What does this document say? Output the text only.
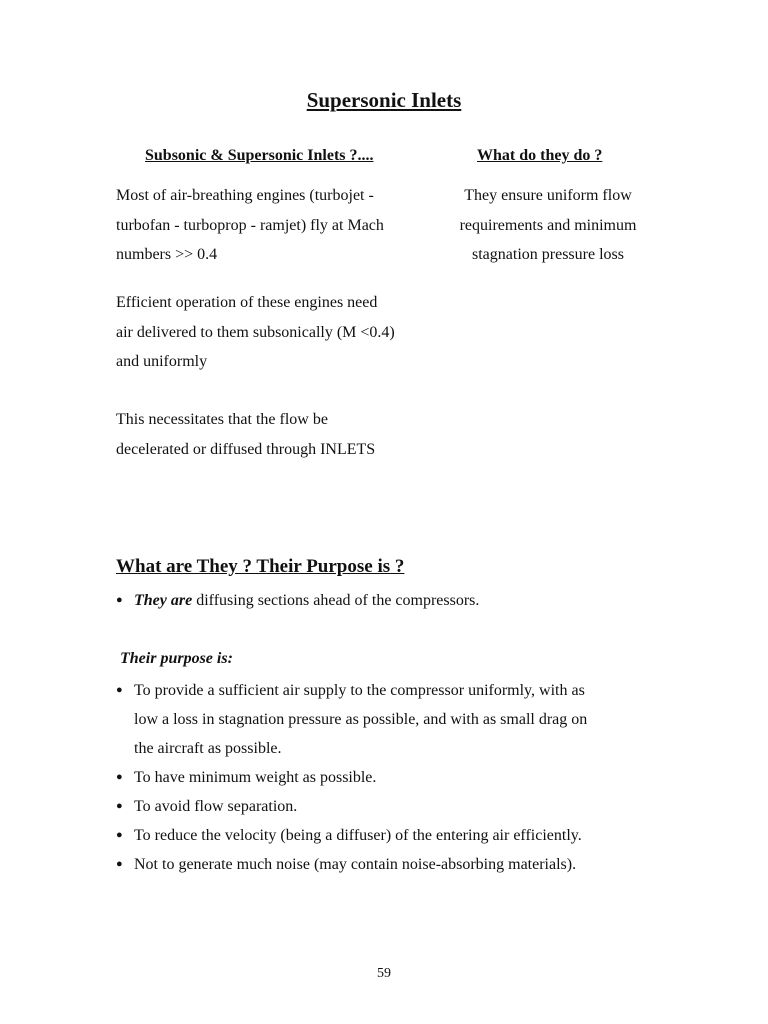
Supersonic Inlets
Subsonic & Supersonic Inlets ?....
Most of air-breathing engines (turbojet -
turbofan - turboprop - ramjet) fly at Mach
numbers >> 0.4
Efficient operation of these engines need
air delivered to them subsonically (M <0.4)
and uniformly
This necessitates that the flow be
decelerated or diffused through INLETS
What do they do ?
They ensure uniform flow
requirements and minimum
stagnation pressure loss
What are They ? Their Purpose is ?
● They are diffusing sections ahead of the compressors.
Their purpose is:
● To provide a sufficient air supply to the compressor uniformly, with as
low a loss in stagnation pressure as possible, and with as small drag on
the aircraft as possible.
● To have minimum weight as possible.
● To avoid flow separation.
● To reduce the velocity (being a diffuser) of the entering air efficiently.
● Not to generate much noise (may contain noise-absorbing materials).
59
